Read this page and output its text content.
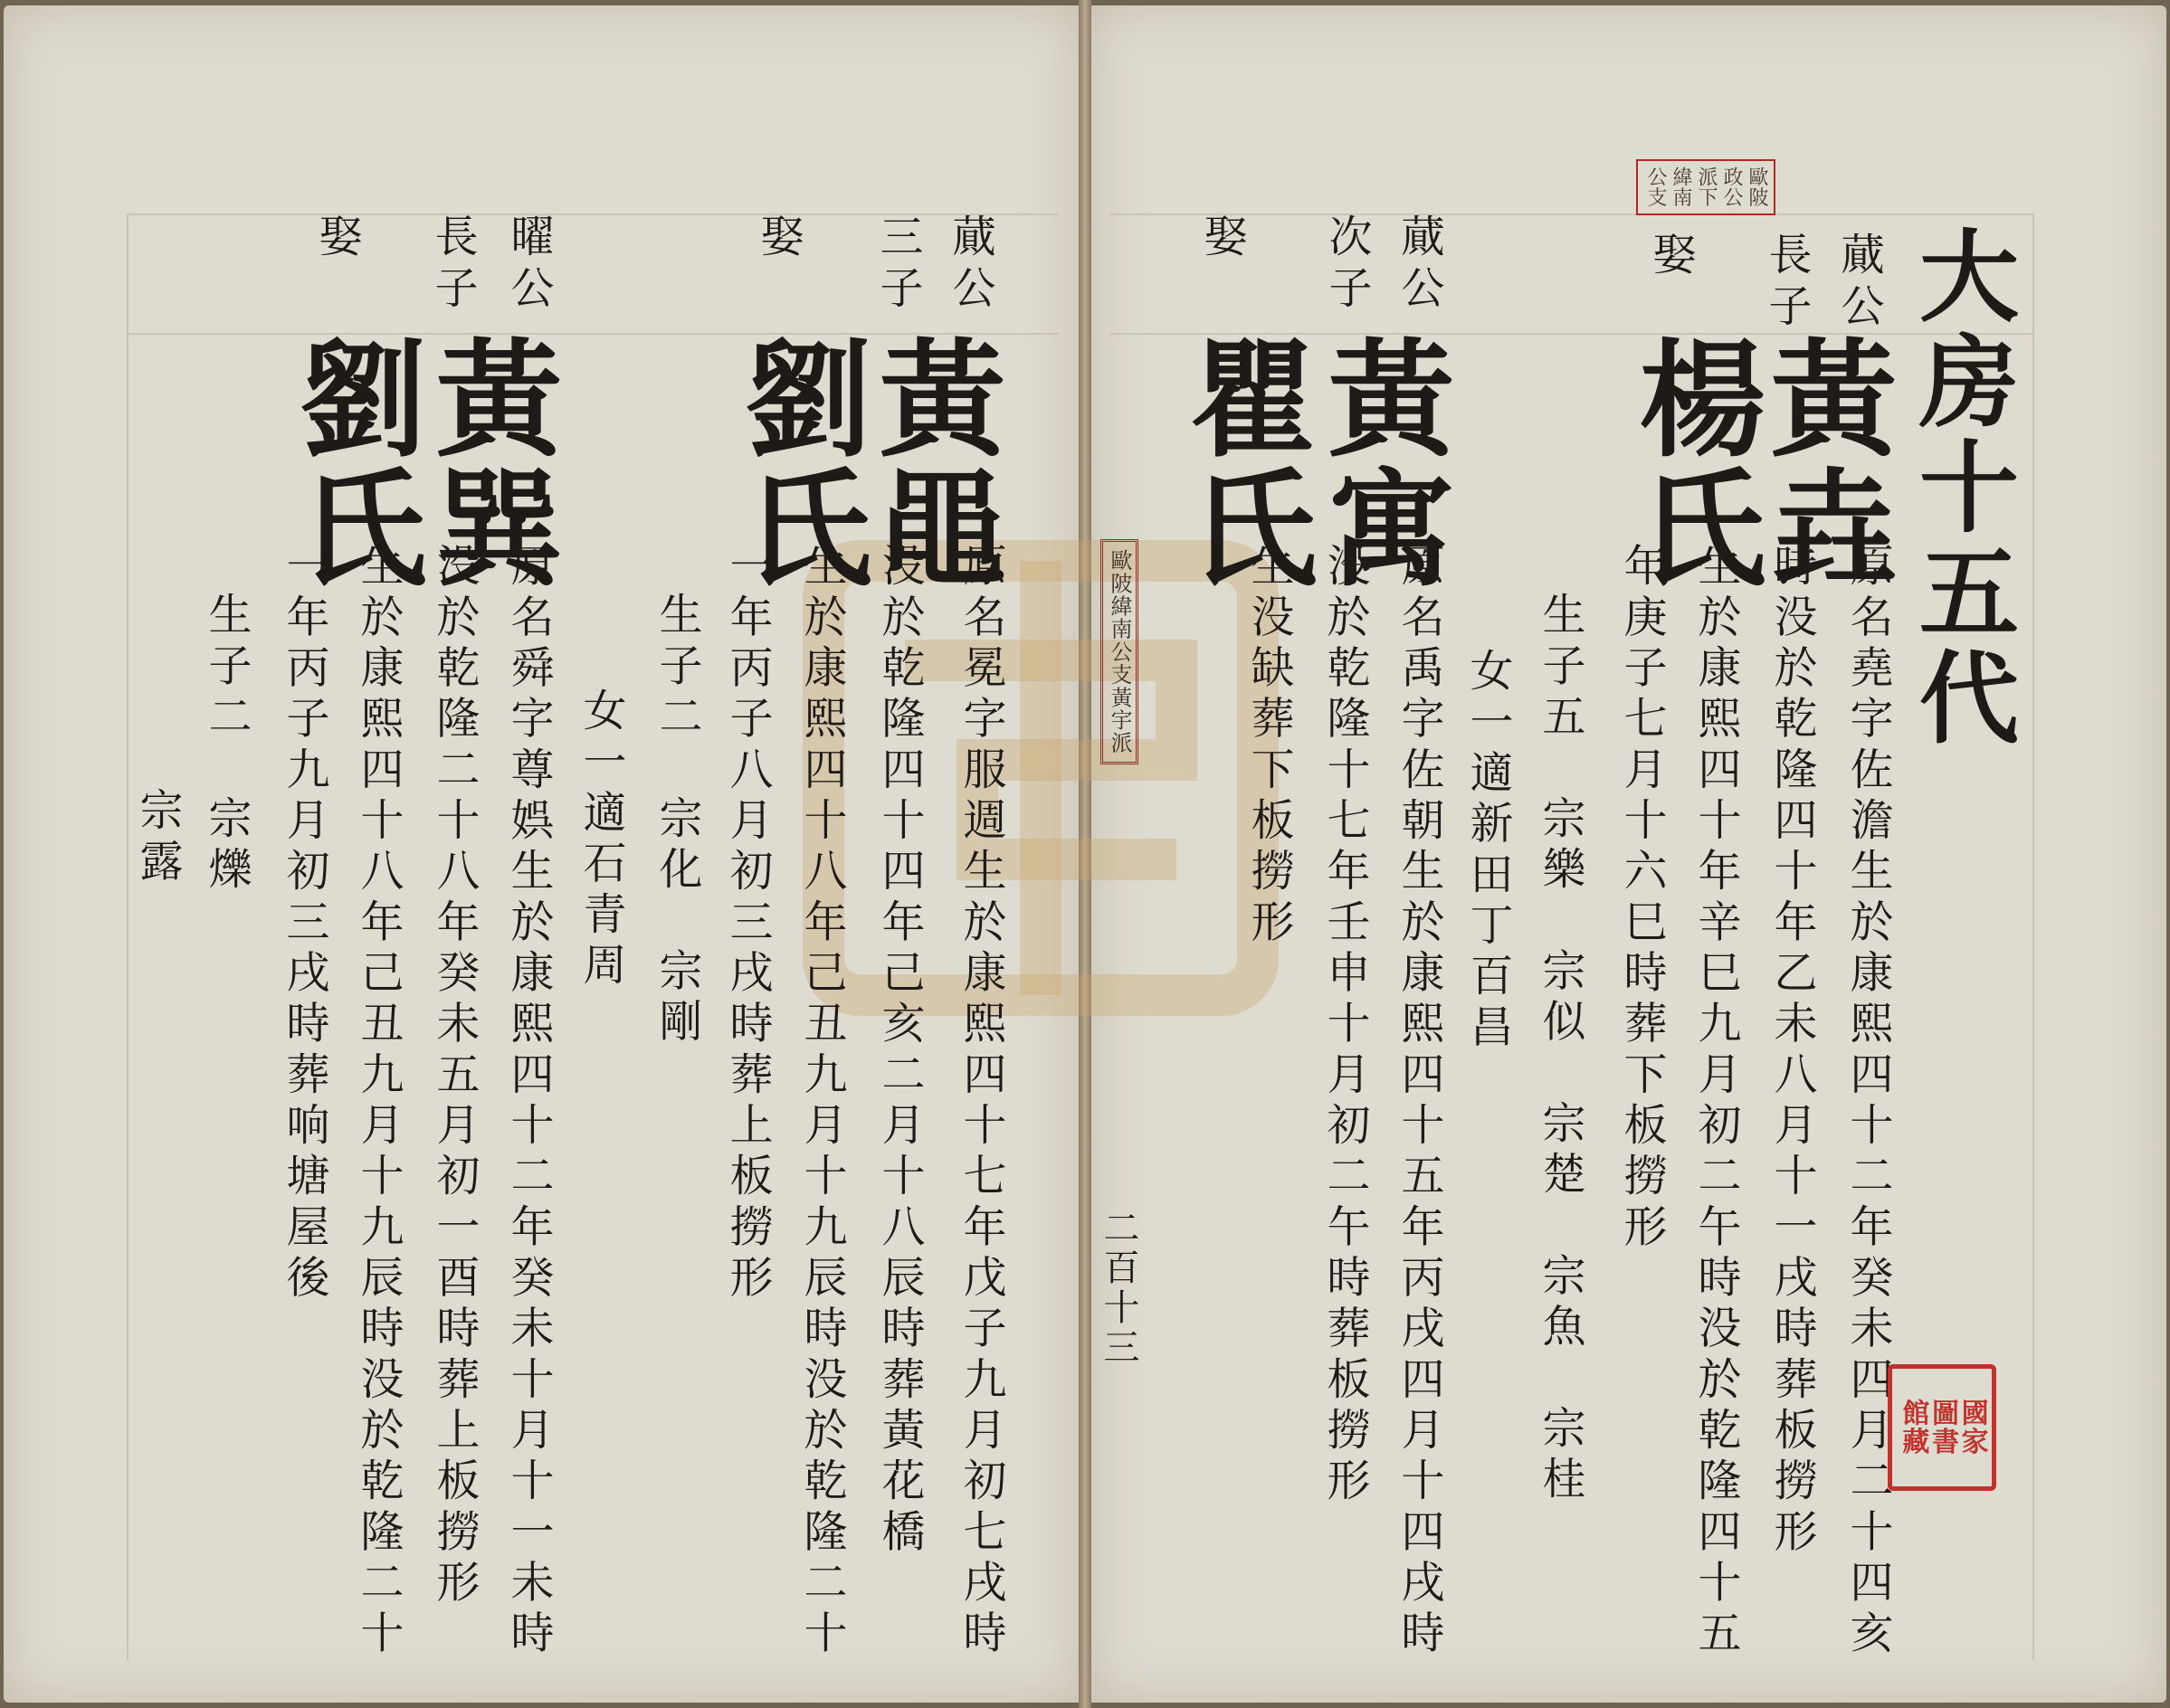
大房十五代
歐陂
政公
派下
緯南
公支
蕆公
長子
黃垚
娶
楊氏
原名堯字佐澹生於康熙四十二年癸未四月二十四亥
時没於乾隆四十年乙未八月十一戌時葬板撈形
生於康熙四十年辛巳九月初二午時没於乾隆四十五
年庚子七月十六巳時葬下板撈形
生子五　宗樂　宗似　宗楚　宗魚　宗桂
女一適新田丁百昌
蕆公
次子
黃寓
娶
瞿氏
原名禹字佐朝生於康熙四十五年丙戌四月十四戌時
没於乾隆十七年壬申十月初二午時葬板撈形
生没缺葬下板撈形
歐陂緯南公支黃宇派
二百十三
國家
圖書
館藏
蕆公
三子
黃黽
娶
劉氏
原名冕字服週生於康熙四十七年戊子九月初七戌時
没於乾隆四十四年己亥二月十八辰時葬黃花橋
生於康熙四十八年己丑九月十九辰時没於乾隆二十
一年丙子八月初三戌時葬上板撈形
生子二　宗化　宗剛
女一適石青周
曜公
長子
黃巽
娶
劉氏
原名舜字尊娯生於康熙四十二年癸未十月十一未時
没於乾隆二十八年癸未五月初一酉時葬上板撈形
生於康熙四十八年己丑九月十九辰時没於乾隆二十
一年丙子九月初三戌時葬响塘屋後
生子二　宗爍
宗露
